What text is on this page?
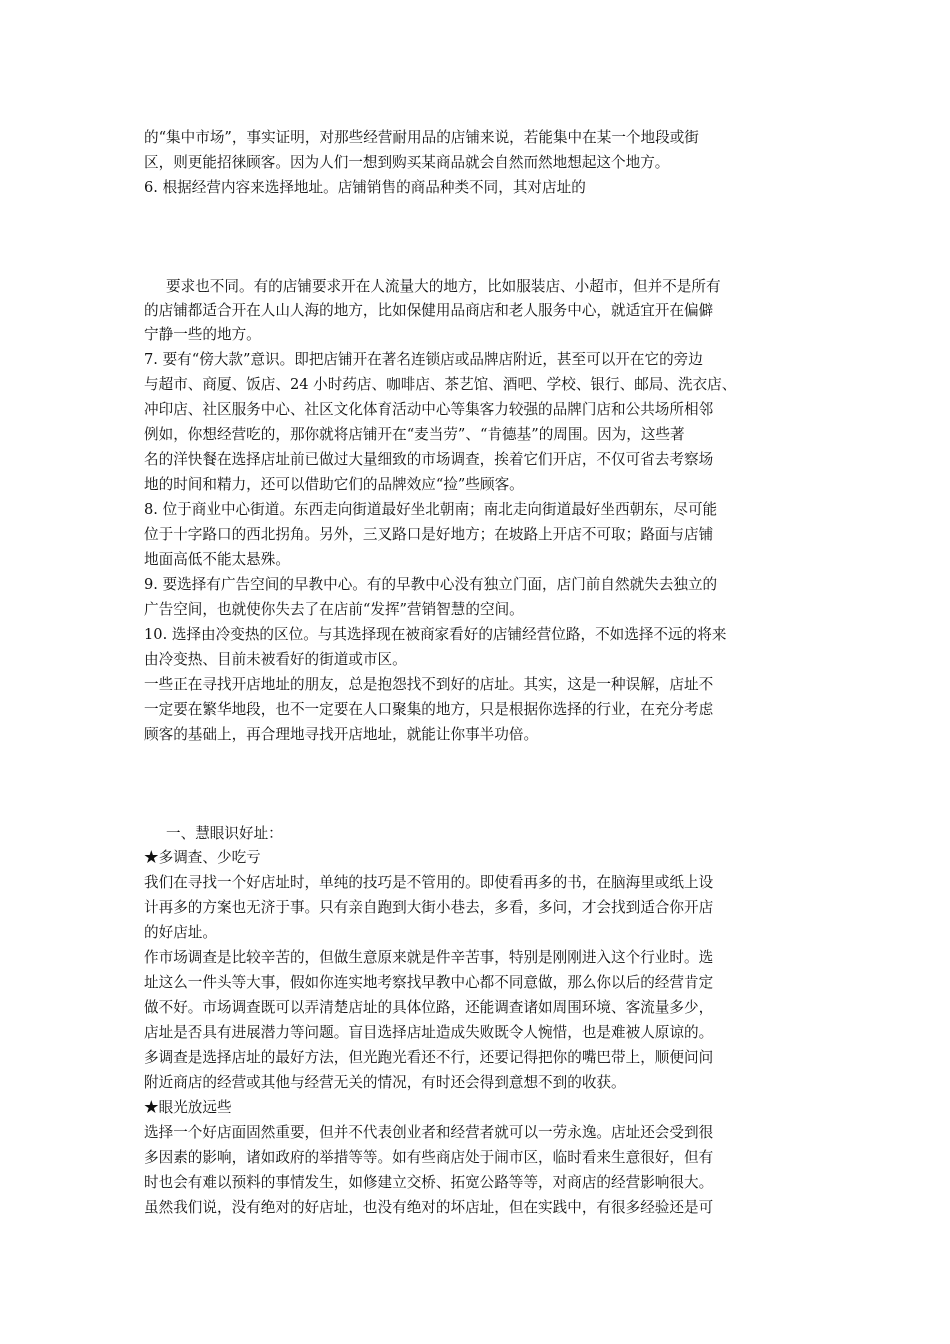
的“集中市场”，事实证明，对那些经营耐用品的店铺来说，若能集中在某一个地段或街
区，则更能招徕顾客。因为人们一想到购买某商品就会自然而然地想起这个地方。
6. 根据经营内容来选择地址。店铺销售的商品种类不同，其对店址的
要求也不同。有的店铺要求开在人流量大的地方，比如服装店、小超市，但并不是所有
的店铺都适合开在人山人海的地方，比如保健用品商店和老人服务中心，就适宜开在偏僻
宁静一些的地方。
7. 要有“傍大款”意识。即把店铺开在著名连锁店或品牌店附近，甚至可以开在它的旁边
与超市、商厦、饭店、24 小时药店、咖啡店、茶艺馆、酒吧、学校、银行、邮局、洗衣店、
冲印店、社区服务中心、社区文化体育活动中心等集客力较强的品牌门店和公共场所相邻
例如，你想经营吃的，那你就将店铺开在“麦当劳”、“肯德基”的周围。因为，这些著
名的洋快餐在选择店址前已做过大量细致的市场调查，挨着它们开店，不仅可省去考察场
地的时间和精力，还可以借助它们的品牌效应“捡”些顾客。
8. 位于商业中心街道。东西走向街道最好坐北朝南；南北走向街道最好坐西朝东，尽可能
位于十字路口的西北拐角。另外，三叉路口是好地方；在坡路上开店不可取；路面与店铺
地面高低不能太悬殊。
9. 要选择有广告空间的早教中心。有的早教中心没有独立门面，店门前自然就失去独立的
广告空间，也就使你失去了在店前“发挥”营销智慧的空间。
10. 选择由冷变热的区位。与其选择现在被商家看好的店铺经营位路，不如选择不远的将来
由冷变热、目前未被看好的街道或市区。
一些正在寻找开店地址的朋友，总是抱怨找不到好的店址。其实，这是一种误解，店址不
一定要在繁华地段，也不一定要在人口聚集的地方，只是根据你选择的行业，在充分考虑
顾客的基础上，再合理地寻找开店地址，就能让你事半功倍。
一、慧眼识好址：
★多调查、少吃亏
我们在寻找一个好店址时，单纯的技巧是不管用的。即使看再多的书，在脑海里或纸上设
计再多的方案也无济于事。只有亲自跑到大街小巷去，多看，多问，才会找到适合你开店
的好店址。
作市场调查是比较辛苦的，但做生意原来就是件辛苦事，特别是刚刚进入这个行业时。选
址这么一件头等大事，假如你连实地考察找早教中心都不同意做，那么你以后的经营肯定
做不好。市场调查既可以弄清楚店址的具体位路，还能调查诸如周围环境、客流量多少，
店址是否具有进展潜力等问题。盲目选择店址造成失败既令人惋惜，也是难被人原谅的。
多调查是选择店址的最好方法，但光跑光看还不行，还要记得把你的嘴巴带上，顺便问问
附近商店的经营或其他与经营无关的情况，有时还会得到意想不到的收获。
★眼光放远些
选择一个好店面固然重要，但并不代表创业者和经营者就可以一劳永逸。店址还会受到很
多因素的影响，诸如政府的举措等等。如有些商店处于闹市区，临时看来生意很好，但有
时也会有难以预料的事情发生，如修建立交桥、拓宽公路等等，对商店的经营影响很大。
虽然我们说，没有绝对的好店址，也没有绝对的坏店址，但在实践中，有很多经验还是可
